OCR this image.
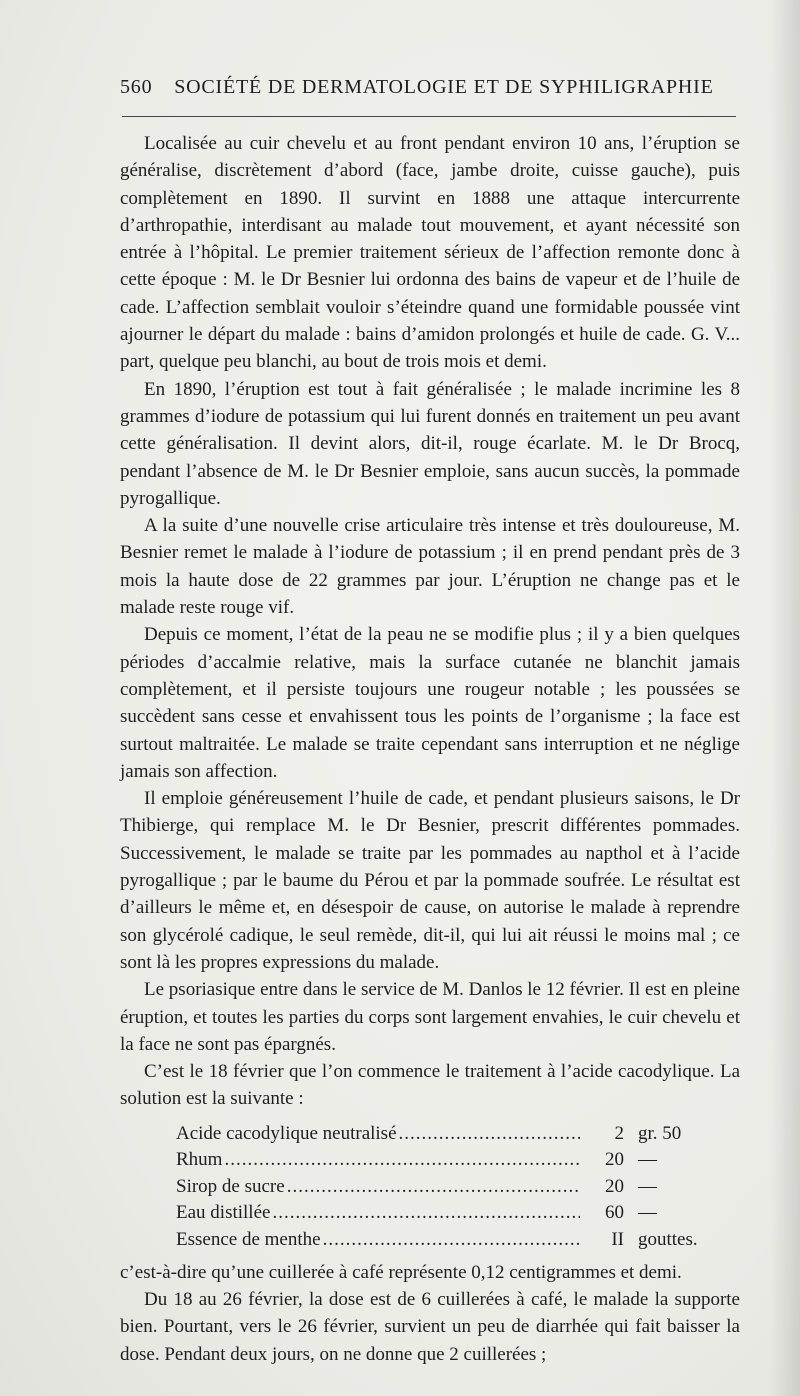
560 SOCIÉTÉ DE DERMATOLOGIE ET DE SYPHILIGRAPHIE

Localisée au cuir chevelu et au front pendant environ 10 ans, l’éruption se généralise, discrètement d’abord (face, jambe droite, cuisse gauche), puis complètement en 1890. Il survint en 1888 une attaque intercurrente d’arthropathie, interdisant au malade tout mouvement, et ayant nécessité son entrée à l’hôpital. Le premier traitement sérieux de l’affection remonte donc à cette époque : M. le Dr Besnier lui ordonna des bains de vapeur et de l’huile de cade. L’affection semblait vouloir s’éteindre quand une formidable poussée vint ajourner le départ du malade : bains d’amidon prolongés et huile de cade. G. V... part, quelque peu blanchi, au bout de trois mois et demi.

En 1890, l’éruption est tout à fait généralisée ; le malade incrimine les 8 grammes d’iodure de potassium qui lui furent donnés en traitement un peu avant cette généralisation. Il devint alors, dit-il, rouge écarlate. M. le Dr Brocq, pendant l’absence de M. le Dr Besnier emploie, sans aucun succès, la pommade pyrogallique.

A la suite d’une nouvelle crise articulaire très intense et très douloureuse, M. Besnier remet le malade à l’iodure de potassium ; il en prend pendant près de 3 mois la haute dose de 22 grammes par jour. L’éruption ne change pas et le malade reste rouge vif.

Depuis ce moment, l’état de la peau ne se modifie plus ; il y a bien quelques périodes d’accalmie relative, mais la surface cutanée ne blanchit jamais complètement, et il persiste toujours une rougeur notable ; les poussées se succèdent sans cesse et envahissent tous les points de l’organisme ; la face est surtout maltraitée. Le malade se traite cependant sans interruption et ne néglige jamais son affection.

Il emploie généreusement l’huile de cade, et pendant plusieurs saisons, le Dr Thibierge, qui remplace M. le Dr Besnier, prescrit différentes pommades. Successivement, le malade se traite par les pommades au napthol et à l’acide pyrogallique ; par le baume du Pérou et par la pommade soufrée. Le résultat est d’ailleurs le même et, en désespoir de cause, on autorise le malade à reprendre son glycérolé cadique, le seul remède, dit-il, qui lui ait réussi le moins mal ; ce sont là les propres expressions du malade.

Le psoriasique entre dans le service de M. Danlos le 12 février. Il est en pleine éruption, et toutes les parties du corps sont largement envahies, le cuir chevelu et la face ne sont pas épargnés.

C’est le 18 février que l’on commence le traitement à l’acide cacodylique. La solution est la suivante :

Acide cacodylique neutralisé .....	2 gr. 50
Rhum .....	20 —
Sirop de sucre .....	20 —
Eau distillée .....	60 —
Essence de menthe .....	II gouttes.

c’est-à-dire qu’une cuillerée à café représente 0,12 centigrammes et demi.

Du 18 au 26 février, la dose est de 6 cuillerées à café, le malade la supporte bien. Pourtant, vers le 26 février, survient un peu de diarrhée qui fait baisser la dose. Pendant deux jours, on ne donne que 2 cuillerées ;
